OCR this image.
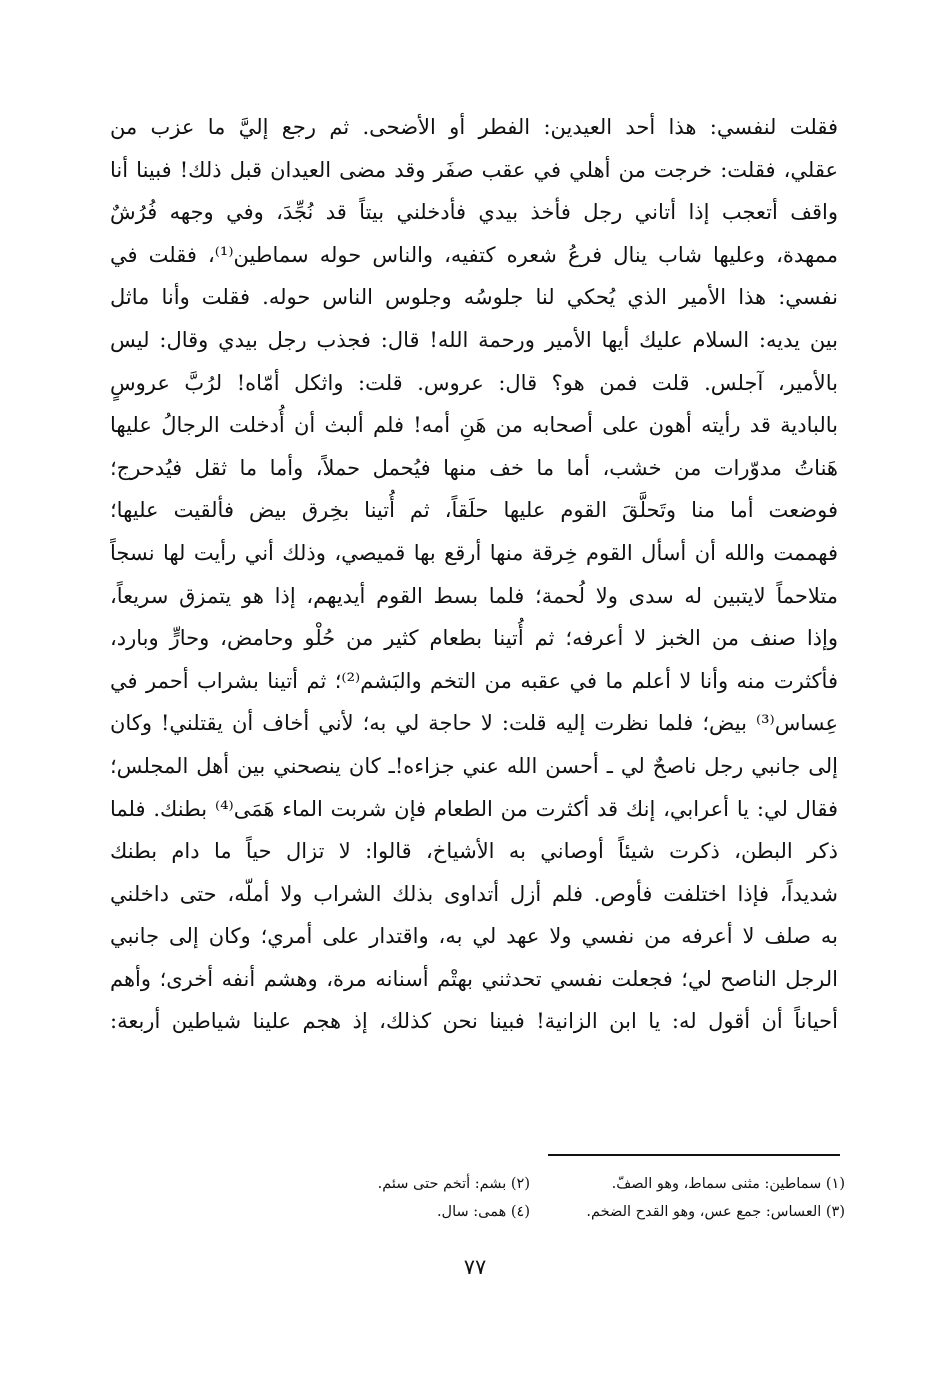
فقلت لنفسي: هذا أحد العيدين: الفطر أو الأضحى. ثم رجع إليَّ ما عزب من
عقلي، فقلت: خرجت من أهلي في عقب صفَر وقد مضى العيدان قبل ذلك! فبينا أنا
واقف أتعجب إذا أتاني رجل فأخذ بيدي فأدخلني بيتاً قد نُجِّدَ، وفي وجهه فُرُشٌ
ممهدة، وعليها شاب ينال فرعُ شعره كتفيه، والناس حوله سماطين⁽¹⁾، فقلت في
نفسي: هذا الأمير الذي يُحكي لنا جلوسُه وجلوس الناس حوله. فقلت وأنا ماثل
بين يديه: السلام عليك أيها الأمير ورحمة الله! قال: فجذب رجل بيدي وقال: ليس
بالأمير، آجلس. قلت فمن هو؟ قال: عروس. قلت: واثكل أمّاه! لرُبَّ عروسٍ
بالبادية قد رأيته أهون على أصحابه من هَنِ أمه! فلم ألبث أن أُدخلت الرجالُ عليها
هَناتُ مدوّرات من خشب، أما ما خف منها فيُحمل حملاً، وأما ما ثقل فيُدحرج؛
فوضعت أما منا وتَحلَّقَ القوم عليها حلَقاً، ثم أُتينا بخِرق بيض فألقيت عليها؛
فهممت والله أن أسأل القوم خِرقة منها أرقع بها قميصي، وذلك أني رأيت لها نسجاً
متلاحماً لايتبين له سدى ولا لُحمة؛ فلما بسط القوم أيديهم، إذا هو يتمزق سريعاً،
وإذا صنف من الخبز لا أعرفه؛ ثم أُتينا بطعام كثير من حُلْو وحامض، وحارٍّ وبارد،
فأكثرت منه وأنا لا أعلم ما في عقبه من التخم والبَشم⁽²⁾؛ ثم أتينا بشراب أحمر في
عِساس⁽³⁾ بيض؛ فلما نظرت إليه قلت: لا حاجة لي به؛ لأني أخاف أن يقتلني! وكان
إلى جانبي رجل ناصحٌ لي ـ أحسن الله عني جزاءه!ـ كان ينصحني بين أهل المجلس؛
فقال لي: يا أعرابي، إنك قد أكثرت من الطعام فإن شربت الماء هَمَى⁽⁴⁾ بطنك. فلما
ذكر البطن، ذكرت شيئاً أوصاني به الأشياخ، قالوا: لا تزال حياً ما دام بطنك
شديداً، فإذا اختلفت فأوص. فلم أزل أتداوى بذلك الشراب ولا أملّه، حتى داخلني
به صلف لا أعرفه من نفسي ولا عهد لي به، واقتدار على أمري؛ وكان إلى جانبي
الرجل الناصح لي؛ فجعلت نفسي تحدثني بهتْم أسنانه مرة، وهشم أنفه أخرى؛ وأهم
أحياناً أن أقول له: يا ابن الزانية! فبينا نحن كذلك، إذ هجم علينا شياطين أربعة:
(١) سماطين: مثنى سماط، وهو الصفّ.
(٢) بشم: أتخم حتى سئم.
(٣) العساس: جمع عس، وهو القدح الضخم.
(٤) همى: سال.
٧٧
